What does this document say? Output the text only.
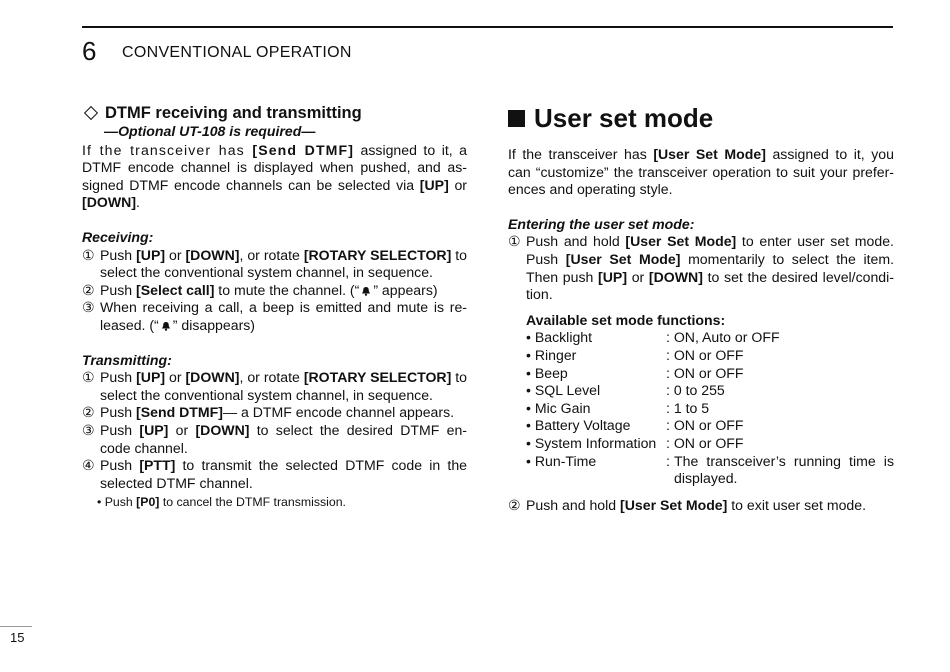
6 CONVENTIONAL OPERATION
DTMF receiving and transmitting
—Optional UT-108 is required—
If the transceiver has [Send DTMF] assigned to it, a DTMF encode channel is displayed when pushed, and as-signed DTMF encode channels can be selected via [UP] or [DOWN].
Receiving:
① Push [UP] or [DOWN], or rotate [ROTARY SELECTOR] to select the conventional system channel, in sequence.
② Push [Select call] to mute the channel. (“ ” appears)
③ When receiving a call, a beep is emitted and mute is re-leased. (“ ” disappears)
Transmitting:
① Push [UP] or [DOWN], or rotate [ROTARY SELECTOR] to select the conventional system channel, in sequence.
② Push [Send DTMF]— a DTMF encode channel appears.
③ Push [UP] or [DOWN] to select the desired DTMF en-code channel.
④ Push [PTT] to transmit the selected DTMF code in the selected DTMF channel.
• Push [P0] to cancel the DTMF transmission.
User set mode
If the transceiver has [User Set Mode] assigned to it, you can “customize” the transceiver operation to suit your prefer-ences and operating style.
Entering the user set mode:
① Push and hold [User Set Mode] to enter user set mode. Push [User Set Mode] momentarily to select the item. Then push [UP] or [DOWN] to set the desired level/condi-tion.
Available set mode functions:
• Backlight	: ON, Auto or OFF
• Ringer	: ON or OFF
• Beep	: ON or OFF
• SQL Level	: 0 to 255
• Mic Gain	: 1 to 5
• Battery Voltage	: ON or OFF
• System Information : ON or OFF
• Run-Time	: The transceiver’s running time is displayed.
② Push and hold [User Set Mode] to exit user set mode.
15
